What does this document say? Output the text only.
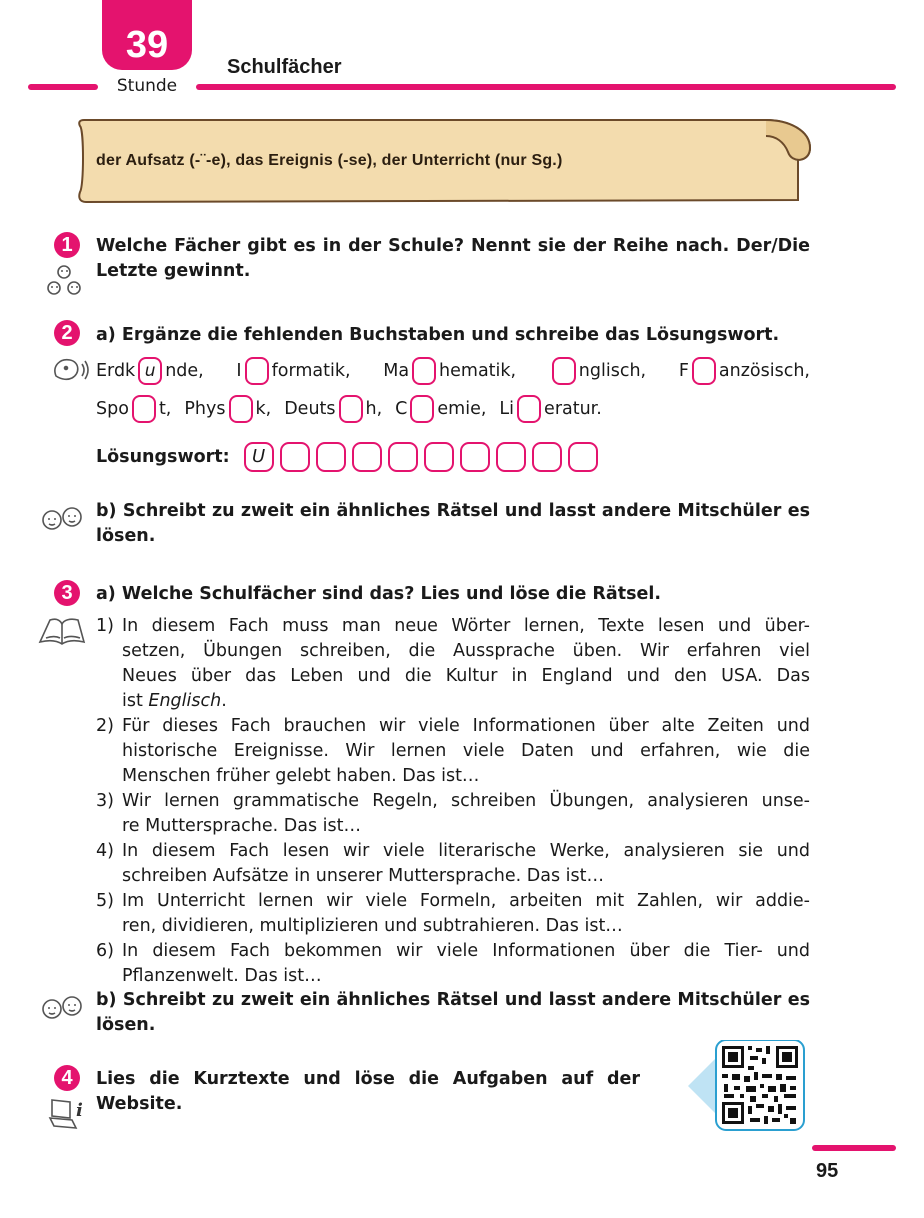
39
Stunde
Schulfächer
der Aufsatz (-¨-e), das Ereignis (-se), der Unterricht (nur Sg.)
1	Welche Fächer gibt es in der Schule? Nennt sie der Reihe nach. Der/Die
Letzte gewinnt.
2	a) Ergänze die fehlenden Buchstaben und schreibe das Lösungswort.
Erdk u nde, I formatik, Ma hematik,	nglisch, F anzösisch,
Spo t, Phys k, Deuts h, C emie, Li eratur.
Lösungswort:	U
b) Schreibt zu zweit ein ähnliches Rätsel und lasst andere Mitschüler es
lösen.
3	a) Welche Schulfächer sind das? Lies und löse die Rätsel.
1) In diesem Fach muss man neue Wörter lernen, Texte lesen und über-
setzen, Übungen schreiben, die Aussprache üben. Wir erfahren viel
Neues über das Leben und die Kultur in England und den USA. Das
ist Englisch.
2) Für dieses Fach brauchen wir viele Informationen über alte Zeiten und
historische Ereignisse. Wir lernen viele Daten und erfahren, wie die
Menschen früher gelebt haben. Das ist…
3) Wir lernen grammatische Regeln, schreiben Übungen, analysieren unse-
re Muttersprache. Das ist…
4) In diesem Fach lesen wir viele literarische Werke, analysieren sie und
schreiben Aufsätze in unserer Muttersprache. Das ist…
5) Im Unterricht lernen wir viele Formeln, arbeiten mit Zahlen, wir addie-
ren, dividieren, multiplizieren und subtrahieren. Das ist…
6) In diesem Fach bekommen wir viele Informationen über die Tier- und
Pflanzenwelt. Das ist…
b) Schreibt zu zweit ein ähnliches Rätsel und lasst andere Mitschüler es
lösen.
4
i
Lies die Kurztexte und löse die Aufgaben auf der
Website.
95
